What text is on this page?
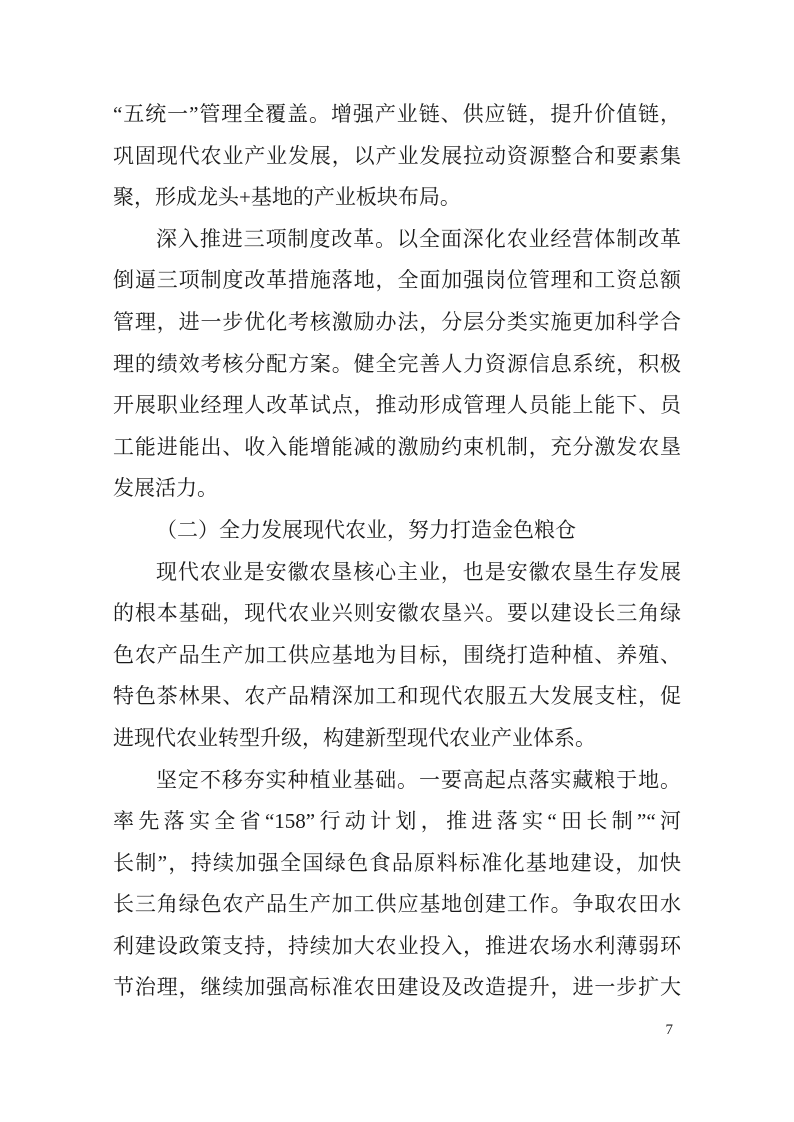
“五统一”管理全覆盖。增强产业链、供应链，提升价值链，
巩固现代农业产业发展，以产业发展拉动资源整合和要素集
聚，形成龙头+基地的产业板块布局。
深入推进三项制度改革。以全面深化农业经营体制改革
倒逼三项制度改革措施落地，全面加强岗位管理和工资总额
管理，进一步优化考核激励办法，分层分类实施更加科学合
理的绩效考核分配方案。健全完善人力资源信息系统，积极
开展职业经理人改革试点，推动形成管理人员能上能下、员
工能进能出、收入能增能减的激励约束机制，充分激发农垦
发展活力。
（二）全力发展现代农业，努力打造金色粮仓
现代农业是安徽农垦核心主业，也是安徽农垦生存发展
的根本基础，现代农业兴则安徽农垦兴。要以建设长三角绿
色农产品生产加工供应基地为目标，围绕打造种植、养殖、
特色茶林果、农产品精深加工和现代农服五大发展支柱，促
进现代农业转型升级，构建新型现代农业产业体系。
坚定不移夯实种植业基础。一要高起点落实藏粮于地。
率先落实全省“158”行动计划，推进落实“田长制”“河
长制”，持续加强全国绿色食品原料标准化基地建设，加快
长三角绿色农产品生产加工供应基地创建工作。争取农田水
利建设政策支持，持续加大农业投入，推进农场水利薄弱环
节治理，继续加强高标准农田建设及改造提升，进一步扩大
7
